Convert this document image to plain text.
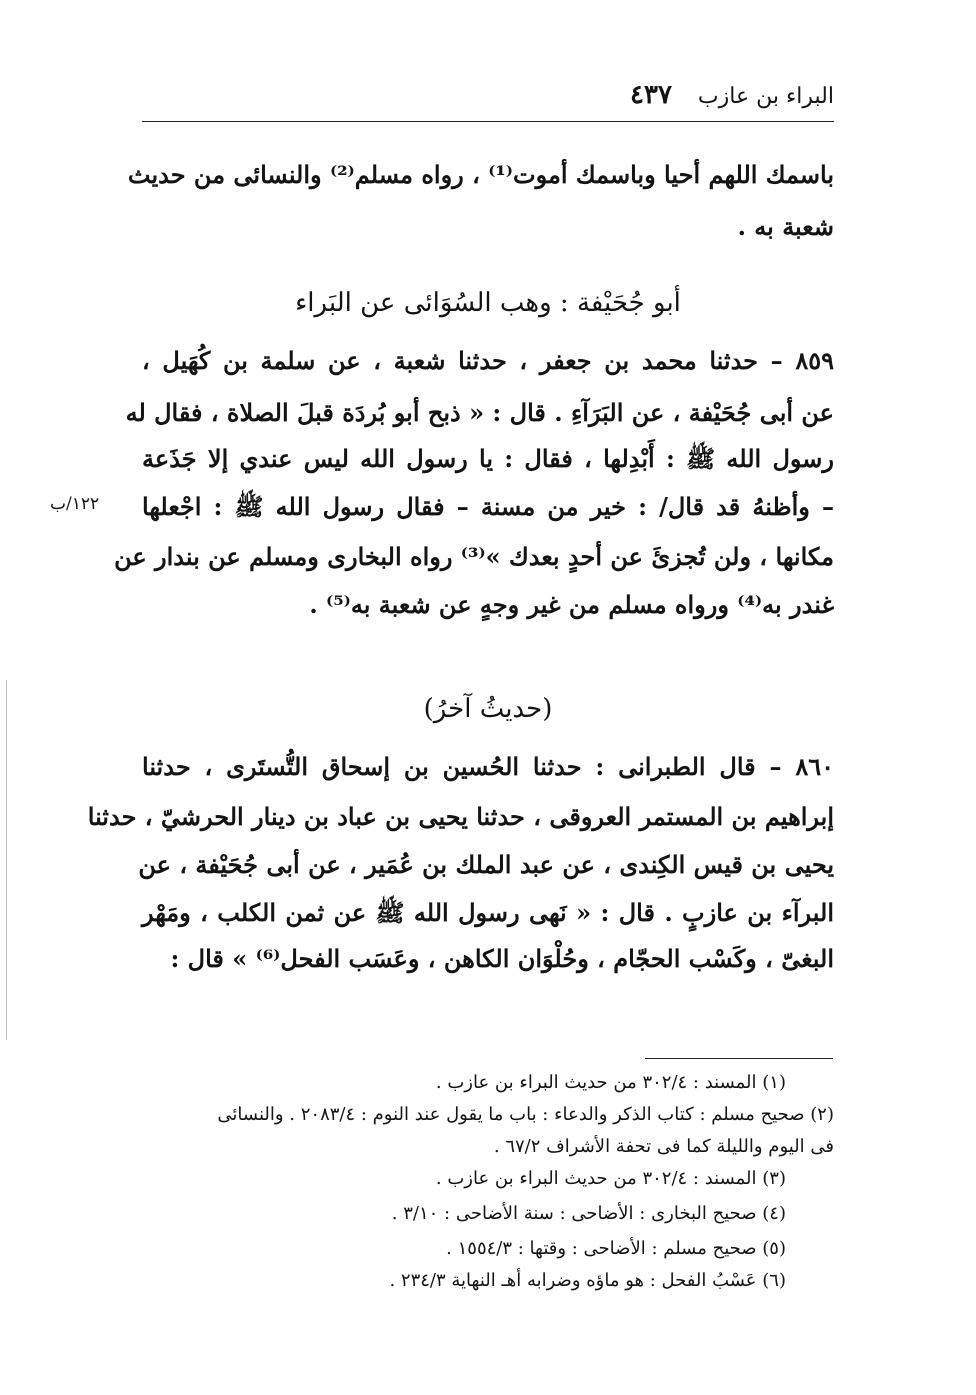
البراء بن عازب
٤٣٧
باسمك اللهم أحيا وباسمك أموت⁽¹⁾ ، رواه مسلم⁽²⁾ والنسائى من حديث
شعبة به .
أبو جُحَيْفة : وهب السُوَائى عن البَراء
٨٥٩ – حدثنا محمد بن جعفر ، حدثنا شعبة ، عن سلمة بن كُهَيل ،
عن أبى جُحَيْفة ، عن البَرَآءِ . قال : « ذبح أبو بُردَة قبلَ الصلاة ، فقال له
رسول الله ﷺ : أَبْدِلها ، فقال : يا رسول الله ليس عندي إلا جَذَعة
– وأظنهُ قد قال/ : خير من مسنة – فقال رسول الله ﷺ : اجْعلها
مكانها ، ولن تُجزئَ عن أحدٍ بعدك »⁽³⁾ رواه البخارى ومسلم عن بندار عن
غندر به⁽⁴⁾ ورواه مسلم من غير وجهٍ عن شعبة به⁽⁵⁾ .
١٢٢/ب
(حديثُ آخرُ)
٨٦٠ – قال الطبرانى : حدثنا الحُسين بن إسحاق التُّستَرى ، حدثنا
إبراهيم بن المستمر العروقى ، حدثنا يحيى بن عباد بن دينار الحرشيّ ، حدثنا
يحيى بن قيس الكِندى ، عن عبد الملك بن عُمَير ، عن أبى جُحَيْفة ، عن
البرآء بن عازبٍ . قال : « نَهى رسول الله ﷺ عن ثمن الكلب ، ومَهْر
البغىّ ، وكَسْب الحجّام ، وحُلْوَان الكاهن ، وعَسَب الفحل⁽⁶⁾ » قال :
(١) المسند : ٣٠٢/٤ من حديث البراء بن عازب .
(٢) صحيح مسلم : كتاب الذكر والدعاء : باب ما يقول عند النوم : ٢٠٨٣/٤ . والنسائى
فى اليوم والليلة كما فى تحفة الأشراف ٦٧/٢ .
(٣) المسند : ٣٠٢/٤ من حديث البراء بن عازب .
(٤) صحيح البخارى : الأضاحى : سنة الأضاحى : ٣/١٠ .
(٥) صحيح مسلم : الأضاحى : وقتها : ١٥٥٤/٣ .
(٦) عَسْبُ الفحل : هو ماؤه وضرابه أهـ النهاية ٢٣٤/٣ .
